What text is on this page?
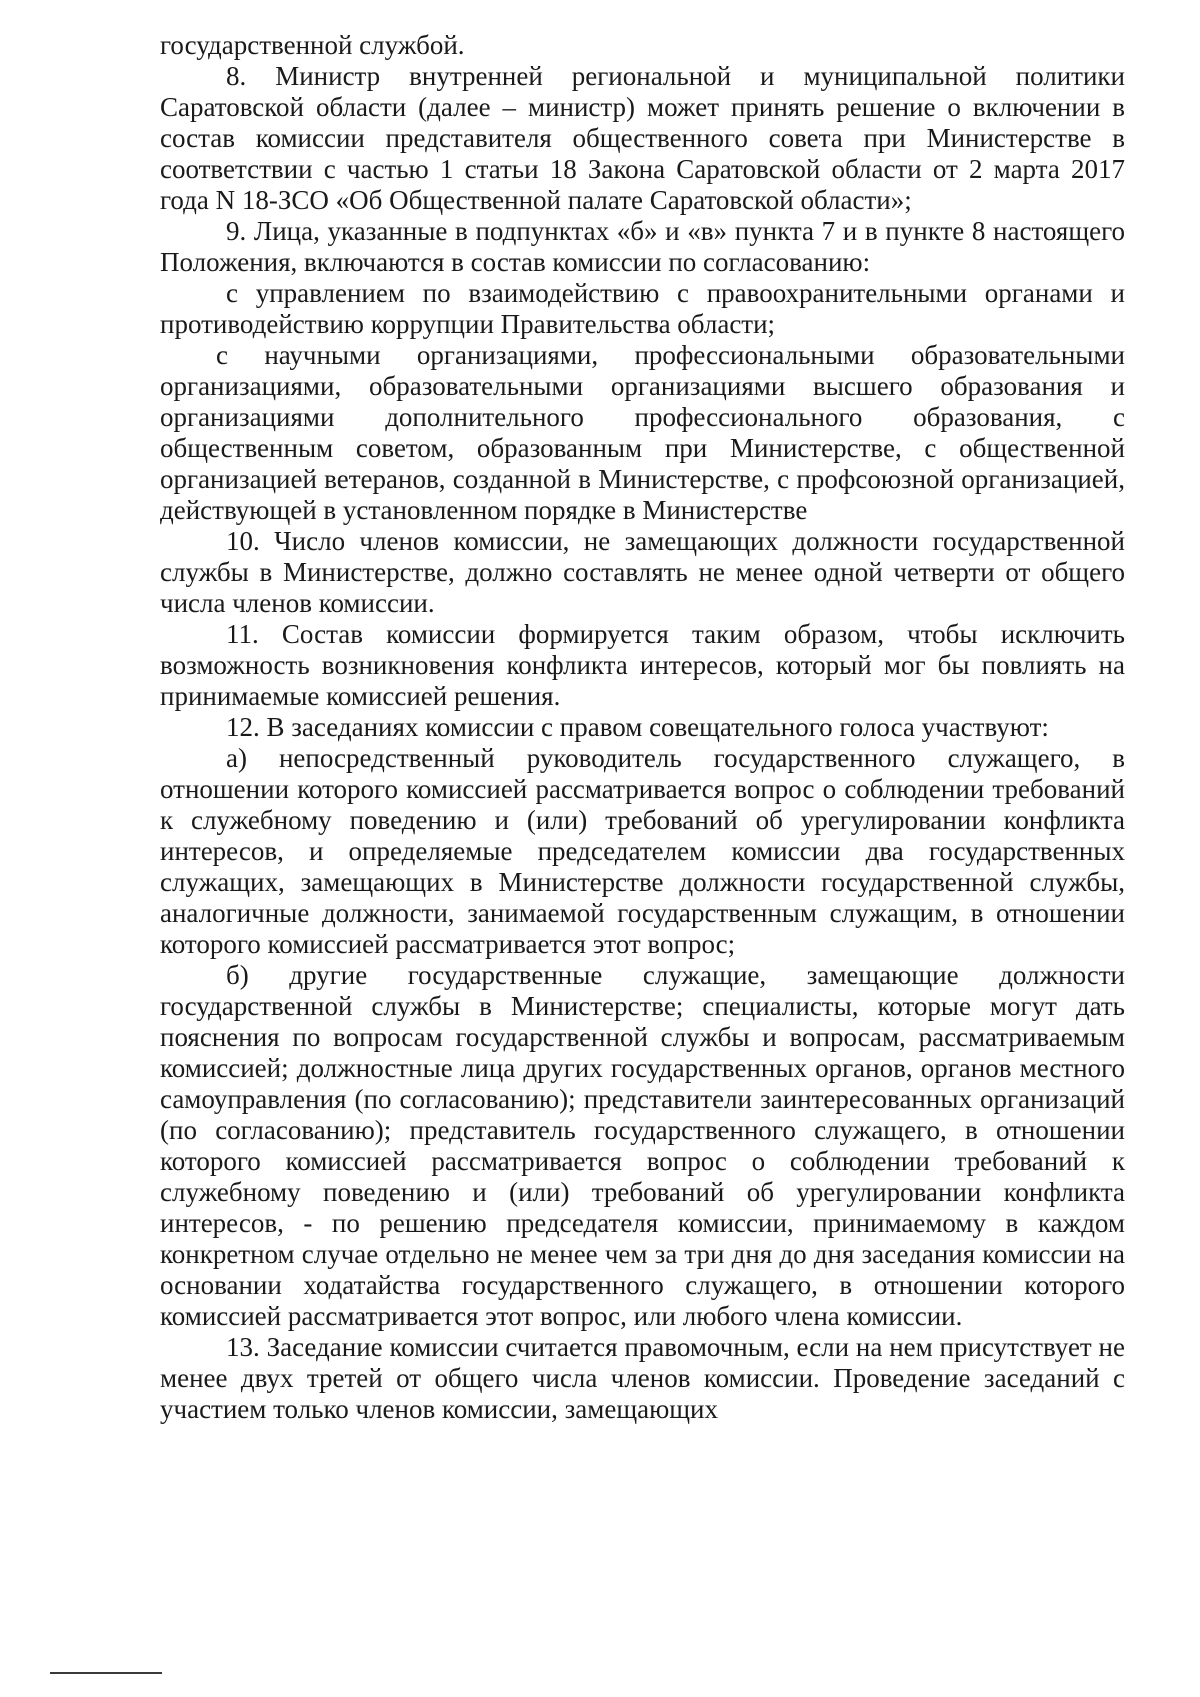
государственной службой.

8. Министр внутренней региональной и муниципальной политики Саратовской области (далее – министр) может принять решение о включении в состав комиссии представителя общественного совета при Министерстве в соответствии с частью 1 статьи 18 Закона Саратовской области от 2 марта 2017 года N 18-ЗСО «Об Общественной палате Саратовской области»;

9. Лица, указанные в подпунктах «б» и «в» пункта 7 и в пункте 8 настоящего Положения, включаются в состав комиссии по согласованию:

с управлением по взаимодействию с правоохранительными органами и противодействию коррупции Правительства области;

с научными организациями, профессиональными образовательными организациями, образовательными организациями высшего образования и организациями дополнительного профессионального образования, с общественным советом, образованным при Министерстве, с общественной организацией ветеранов, созданной в Министерстве, с профсоюзной организацией, действующей в установленном порядке в Министерстве

10. Число членов комиссии, не замещающих должности государственной службы в Министерстве, должно составлять не менее одной четверти от общего числа членов комиссии.

11. Состав комиссии формируется таким образом, чтобы исключить возможность возникновения конфликта интересов, который мог бы повлиять на принимаемые комиссией решения.

12. В заседаниях комиссии с правом совещательного голоса участвуют:

а) непосредственный руководитель государственного служащего, в отношении которого комиссией рассматривается вопрос о соблюдении требований к служебному поведению и (или) требований об урегулировании конфликта интересов, и определяемые председателем комиссии два государственных служащих, замещающих в Министерстве должности государственной службы, аналогичные должности, занимаемой государственным служащим, в отношении которого комиссией рассматривается этот вопрос;

б) другие государственные служащие, замещающие должности государственной службы в Министерстве; специалисты, которые могут дать пояснения по вопросам государственной службы и вопросам, рассматриваемым комиссией; должностные лица других государственных органов, органов местного самоуправления (по согласованию); представители заинтересованных организаций (по согласованию); представитель государственного служащего, в отношении которого комиссией рассматривается вопрос о соблюдении требований к служебному поведению и (или) требований об урегулировании конфликта интересов, - по решению председателя комиссии, принимаемому в каждом конкретном случае отдельно не менее чем за три дня до дня заседания комиссии на основании ходатайства государственного служащего, в отношении которого комиссией рассматривается этот вопрос, или любого члена комиссии.

13. Заседание комиссии считается правомочным, если на нем присутствует не менее двух третей от общего числа членов комиссии. Проведение заседаний с участием только членов комиссии, замещающих
